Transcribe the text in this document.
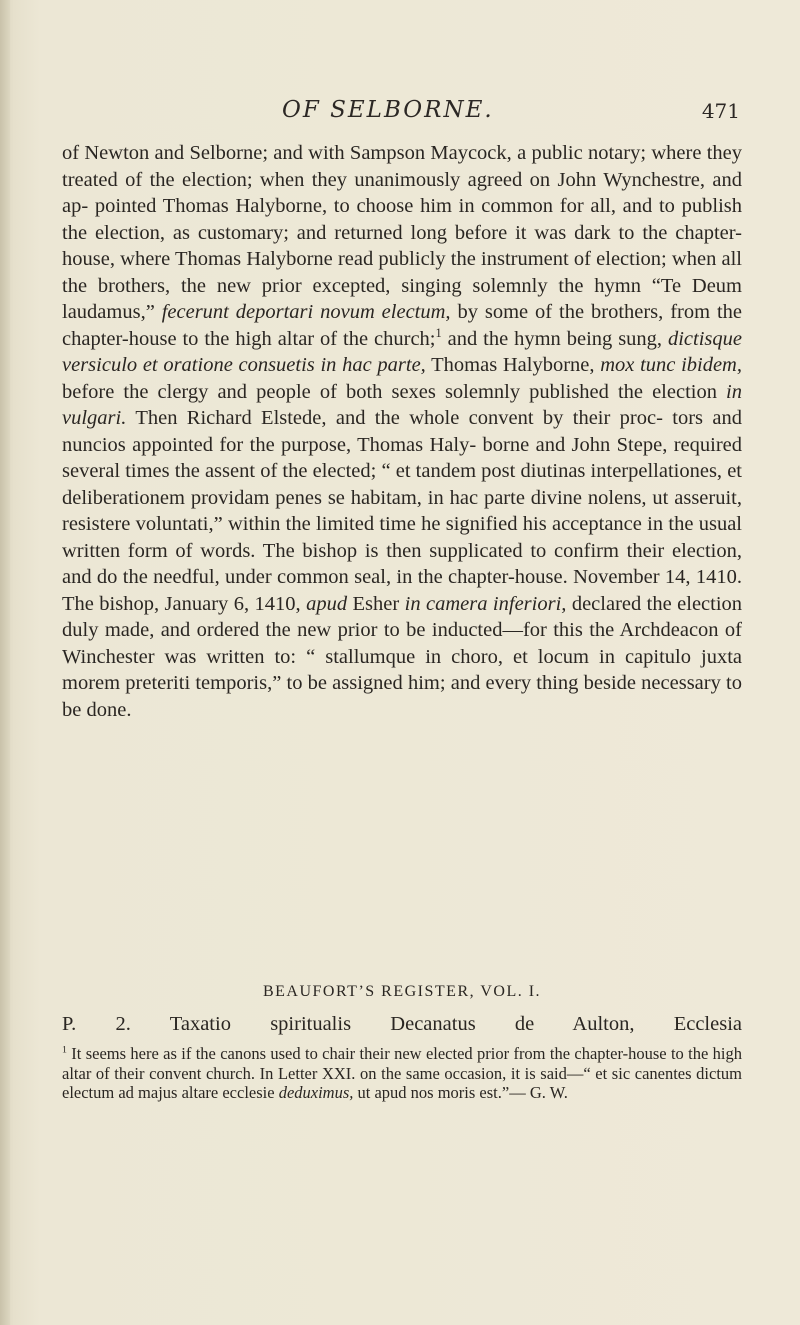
OF SELBORNE.	471

of Newton and Selborne; and with Sampson Maycock, a public notary; where they treated of the election; when they unanimously agreed on John Wynchestre, and ap- pointed Thomas Halyborne, to choose him in common for all, and to publish the election, as customary; and returned long before it was dark to the chapter-house, where Thomas Halyborne read publicly the instrument of election; when all the brothers, the new prior excepted, singing solemnly the hymn “Te Deum laudamus,” fecerunt deportari novum electum, by some of the brothers, from the chapter-house to the high altar of the church;$^1$ and the hymn being sung, dictisque versiculo et oratione consuetis in hac parte, Thomas Halyborne, mox tunc ibidem, before the clergy and people of both sexes solemnly published the election in vulgari. Then Richard Elstede, and the whole convent by their proc- tors and nuncios appointed for the purpose, Thomas Haly- borne and John Stepe, required several times the assent of the elected; “ et tandem post diutinas interpellationes, et deliberationem providam penes se habitam, in hac parte divine nolens, ut asseruit, resistere voluntati,” within the limited time he signified his acceptance in the usual written form of words. The bishop is then supplicated to confirm their election, and do the needful, under common seal, in the chapter-house. November 14, 1410. The bishop, January 6, 1410, apud Esher in camera inferiori, declared the election duly made, and ordered the new prior to be inducted—for this the Archdeacon of Winchester was written to: “ stallumque in choro, et locum in capitulo juxta morem preteriti temporis,” to be assigned him; and every thing beside necessary to be done.

BEAUFORT’S REGISTER, VOL. I.
P. 2. Taxatio spiritualis Decanatus de Aulton, Ecclesia
$^1$ It seems here as if the canons used to chair their new elected prior from the chapter-house to the high altar of their convent church. In Letter XXI. on the same occasion, it is said—“ et sic canentes dictum electum ad majus altare ecclesie deduximus, ut apud nos moris est.”— G. W.
